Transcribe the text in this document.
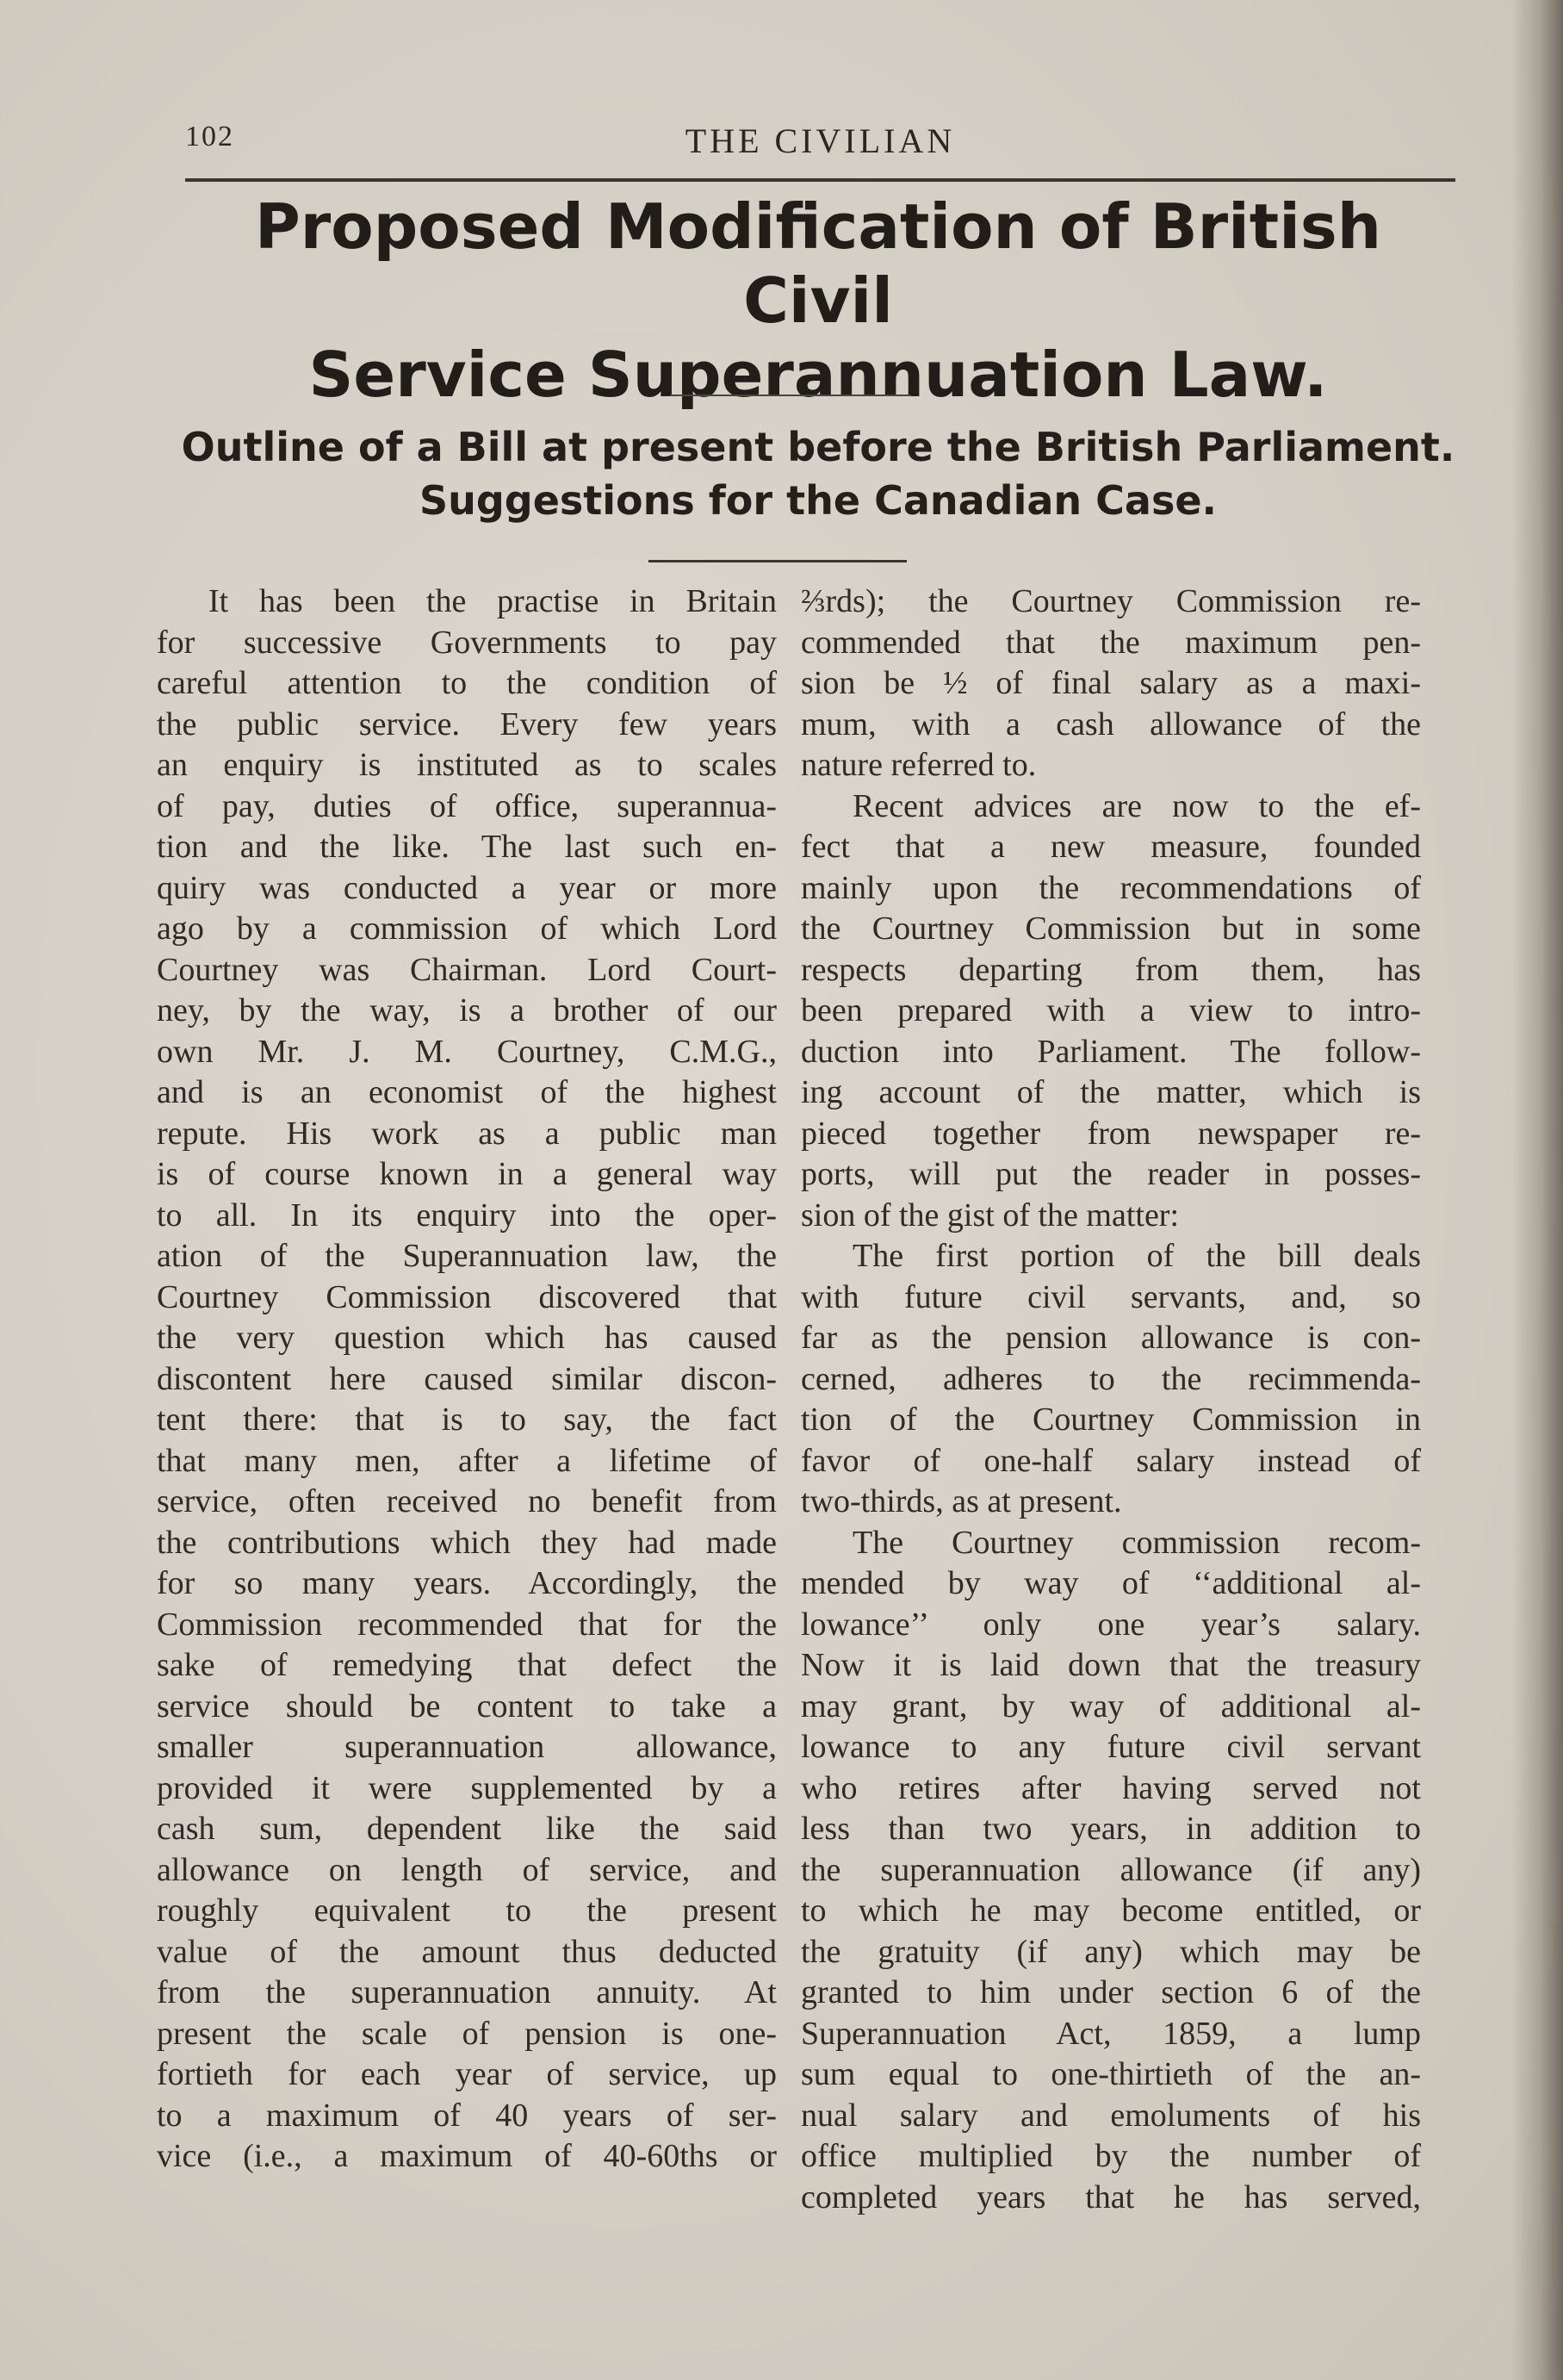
102	THE CIVILIAN
Proposed Modification of British Civil
Service Superannuation Law.
Outline of a Bill at present before the British Parliament.
Suggestions for the Canadian Case.
It has been the practise in Britain
for successive Governments to pay
careful attention to the condition of
the public service. Every few years
an enquiry is instituted as to scales
of pay, duties of office, superannua-
tion and the like. The last such en-
quiry was conducted a year or more
ago by a commission of which Lord
Courtney was Chairman. Lord Court-
ney, by the way, is a brother of our
own Mr. J. M. Courtney, C.M.G.,
and is an economist of the highest
repute. His work as a public man
is of course known in a general way
to all. In its enquiry into the oper-
ation of the Superannuation law, the
Courtney Commission discovered that
the very question which has caused
discontent here caused similar discon-
tent there: that is to say, the fact
that many men, after a lifetime of
service, often received no benefit from
the contributions which they had made
for so many years. Accordingly, the
Commission recommended that for the
sake of remedying that defect the
service should be content to take a
smaller superannuation allowance,
provided it were supplemented by a
cash sum, dependent like the said
allowance on length of service, and
roughly equivalent to the present
value of the amount thus deducted
from the superannuation annuity. At
present the scale of pension is one-
fortieth for each year of service, up
to a maximum of 40 years of ser-
vice (i.e., a maximum of 40-60ths or
⅔rds); the Courtney Commission re-
commended that the maximum pen-
sion be ½ of final salary as a maxi-
mum, with a cash allowance of the
nature referred to.
Recent advices are now to the ef-
fect that a new measure, founded
mainly upon the recommendations of
the Courtney Commission but in some
respects departing from them, has
been prepared with a view to intro-
duction into Parliament. The follow-
ing account of the matter, which is
pieced together from newspaper re-
ports, will put the reader in posses-
sion of the gist of the matter:
The first portion of the bill deals
with future civil servants, and, so
far as the pension allowance is con-
cerned, adheres to the recimmenda-
tion of the Courtney Commission in
favor of one-half salary instead of
two-thirds, as at present.
The Courtney commission recom-
mended by way of ‘‘additional al-
lowance’’ only one year’s salary.
Now it is laid down that the treasury
may grant, by way of additional al-
lowance to any future civil servant
who retires after having served not
less than two years, in addition to
the superannuation allowance (if any)
to which he may become entitled, or
the gratuity (if any) which may be
granted to him under section 6 of the
Superannuation Act, 1859, a lump
sum equal to one-thirtieth of the an-
nual salary and emoluments of his
office multiplied by the number of
completed years that he has served,
